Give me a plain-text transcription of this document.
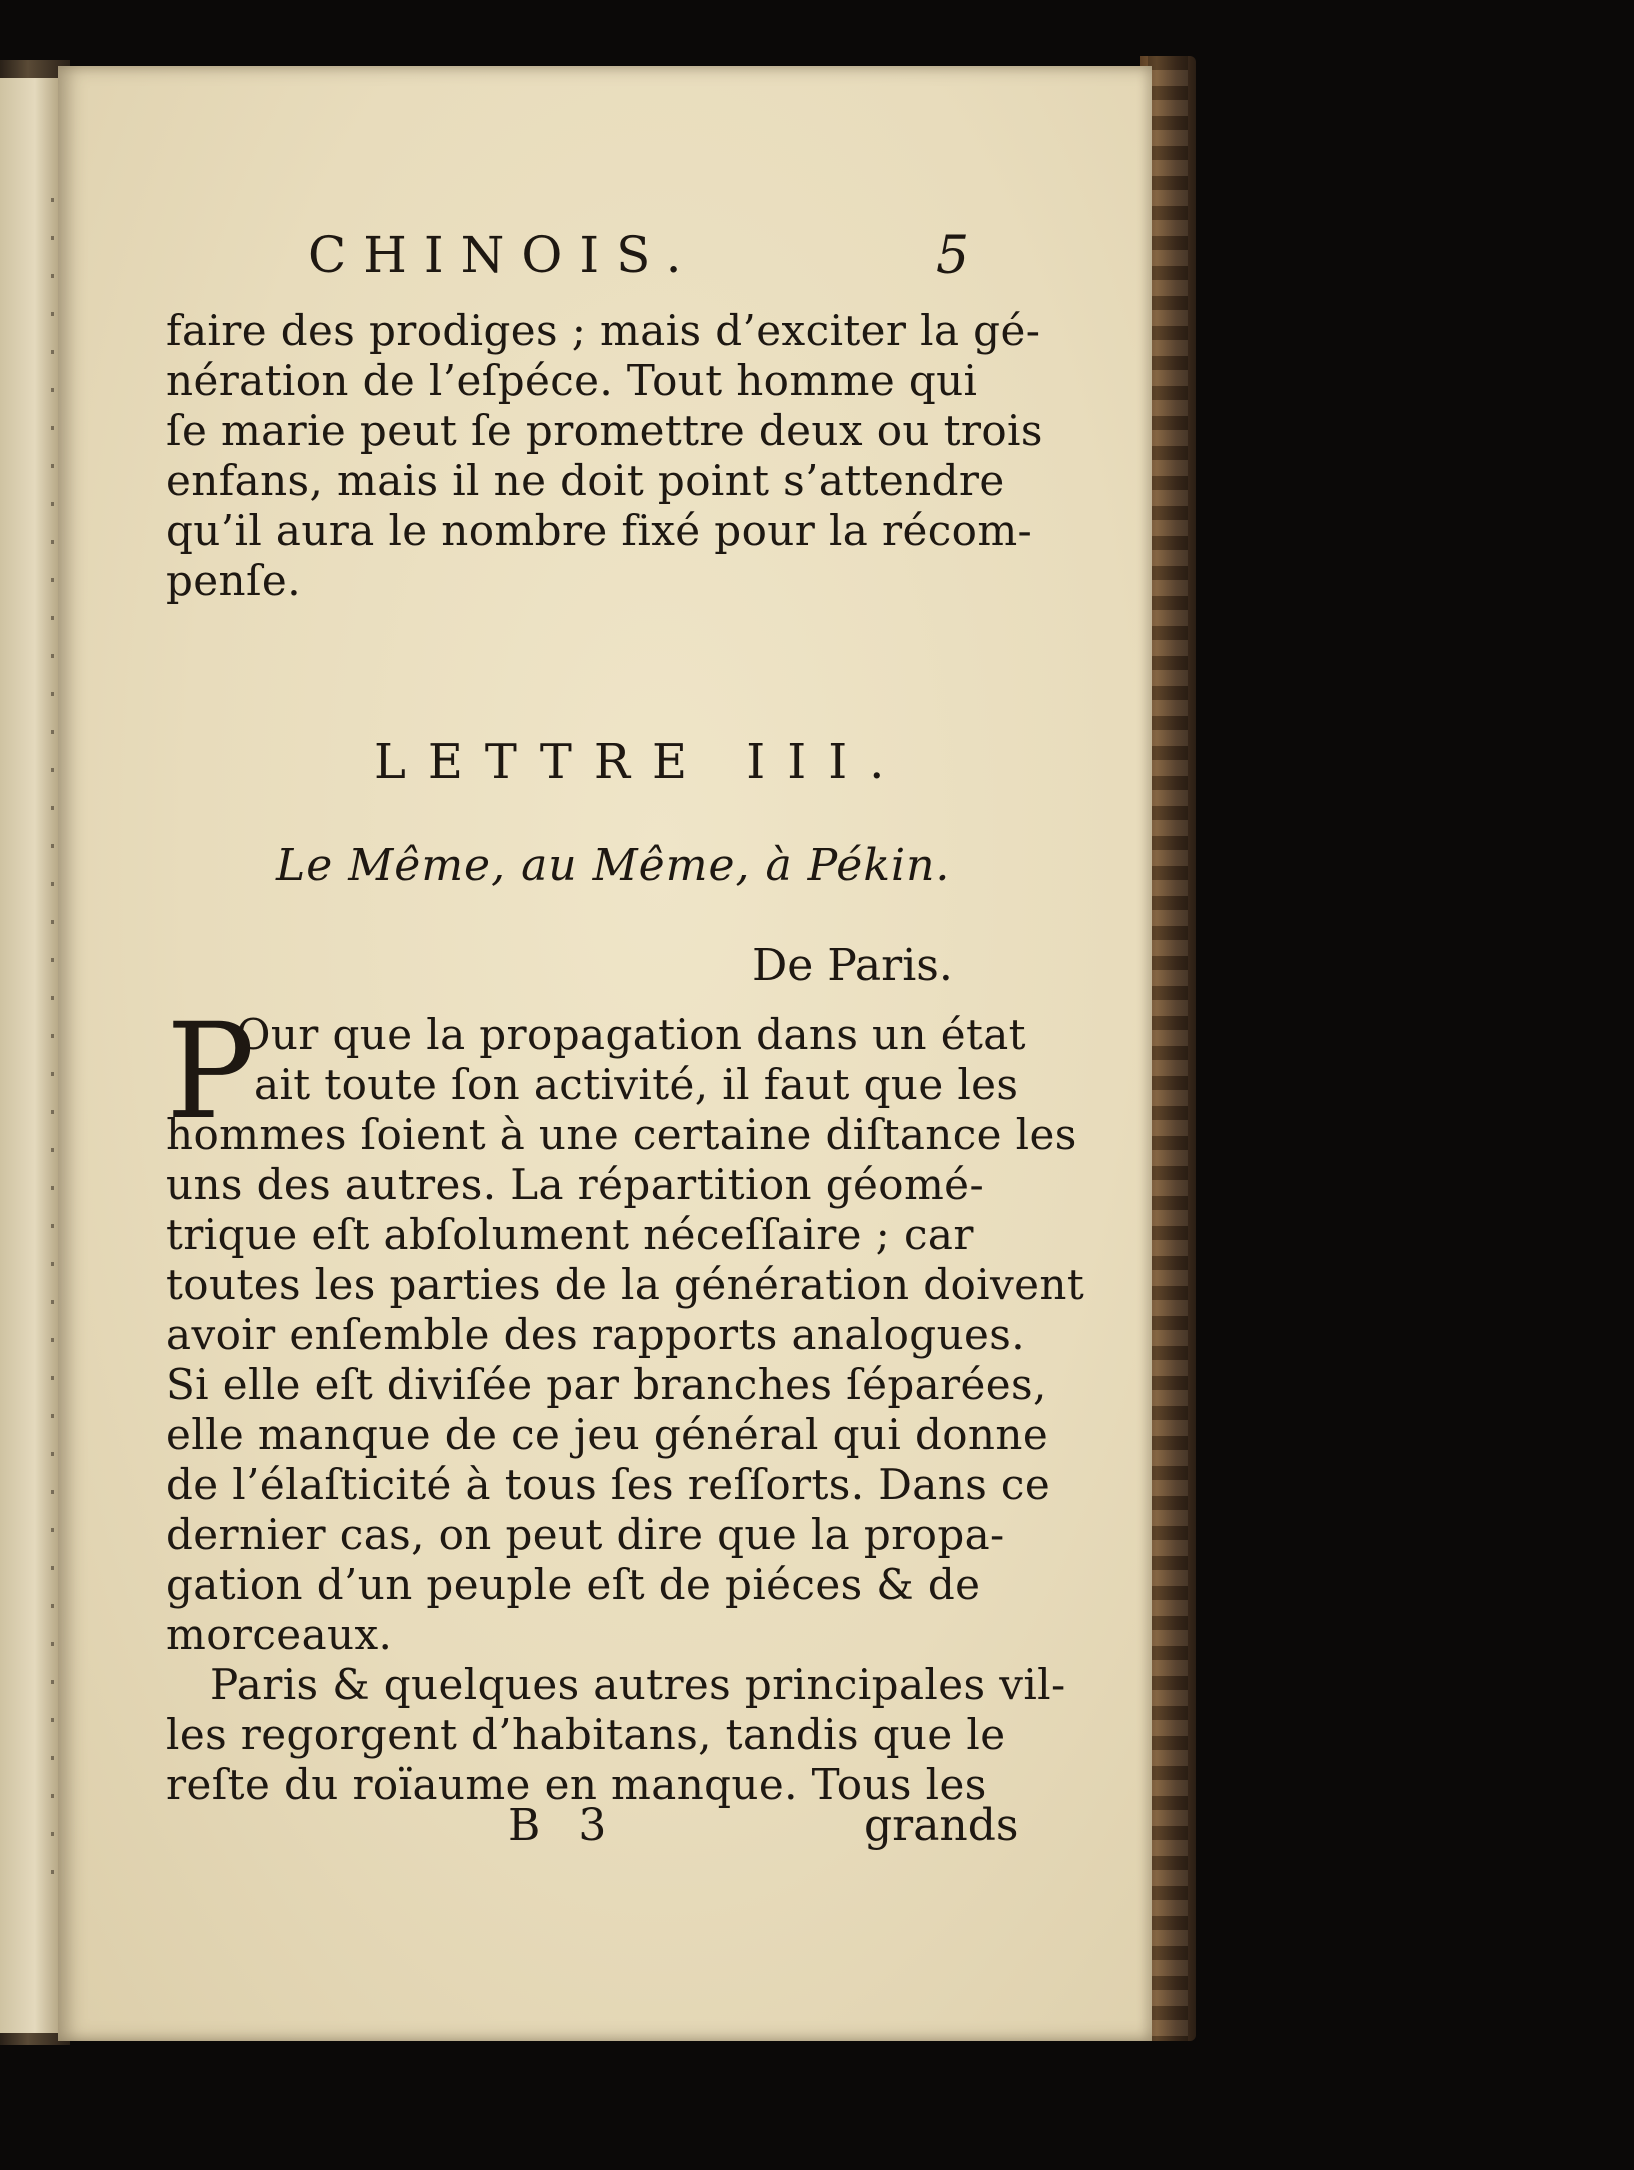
CHINOIS.	5
faire des prodiges ; mais d’exciter la gé-
nération de l’eſpéce. Tout homme qui
ſe marie peut ſe promettre deux ou trois
enfans, mais il ne doit point s’attendre
qu’il aura le nombre fixé pour la récom-
penſe.
LETTRE III.
Le Même, au Même, à Pékin.
De Paris.
P
Our que la propagation dans un état
ait toute ſon activité, il faut que les
hommes ſoient à une certaine diſtance les
uns des autres. La répartition géomé-
trique eſt abſolument néceſſaire ; car
toutes les parties de la génération doivent
avoir enſemble des rapports analogues.
Si elle eſt diviſée par branches ſéparées,
elle manque de ce jeu général qui donne
de l’élaſticité à tous ſes reſſorts. Dans ce
dernier cas, on peut dire que la propa-
gation d’un peuple eſt de piéces & de
morceaux.
Paris & quelques autres principales vil-
les regorgent d’habitans, tandis que le
reſte du roïaume en manque. Tous les
B 3	grands
